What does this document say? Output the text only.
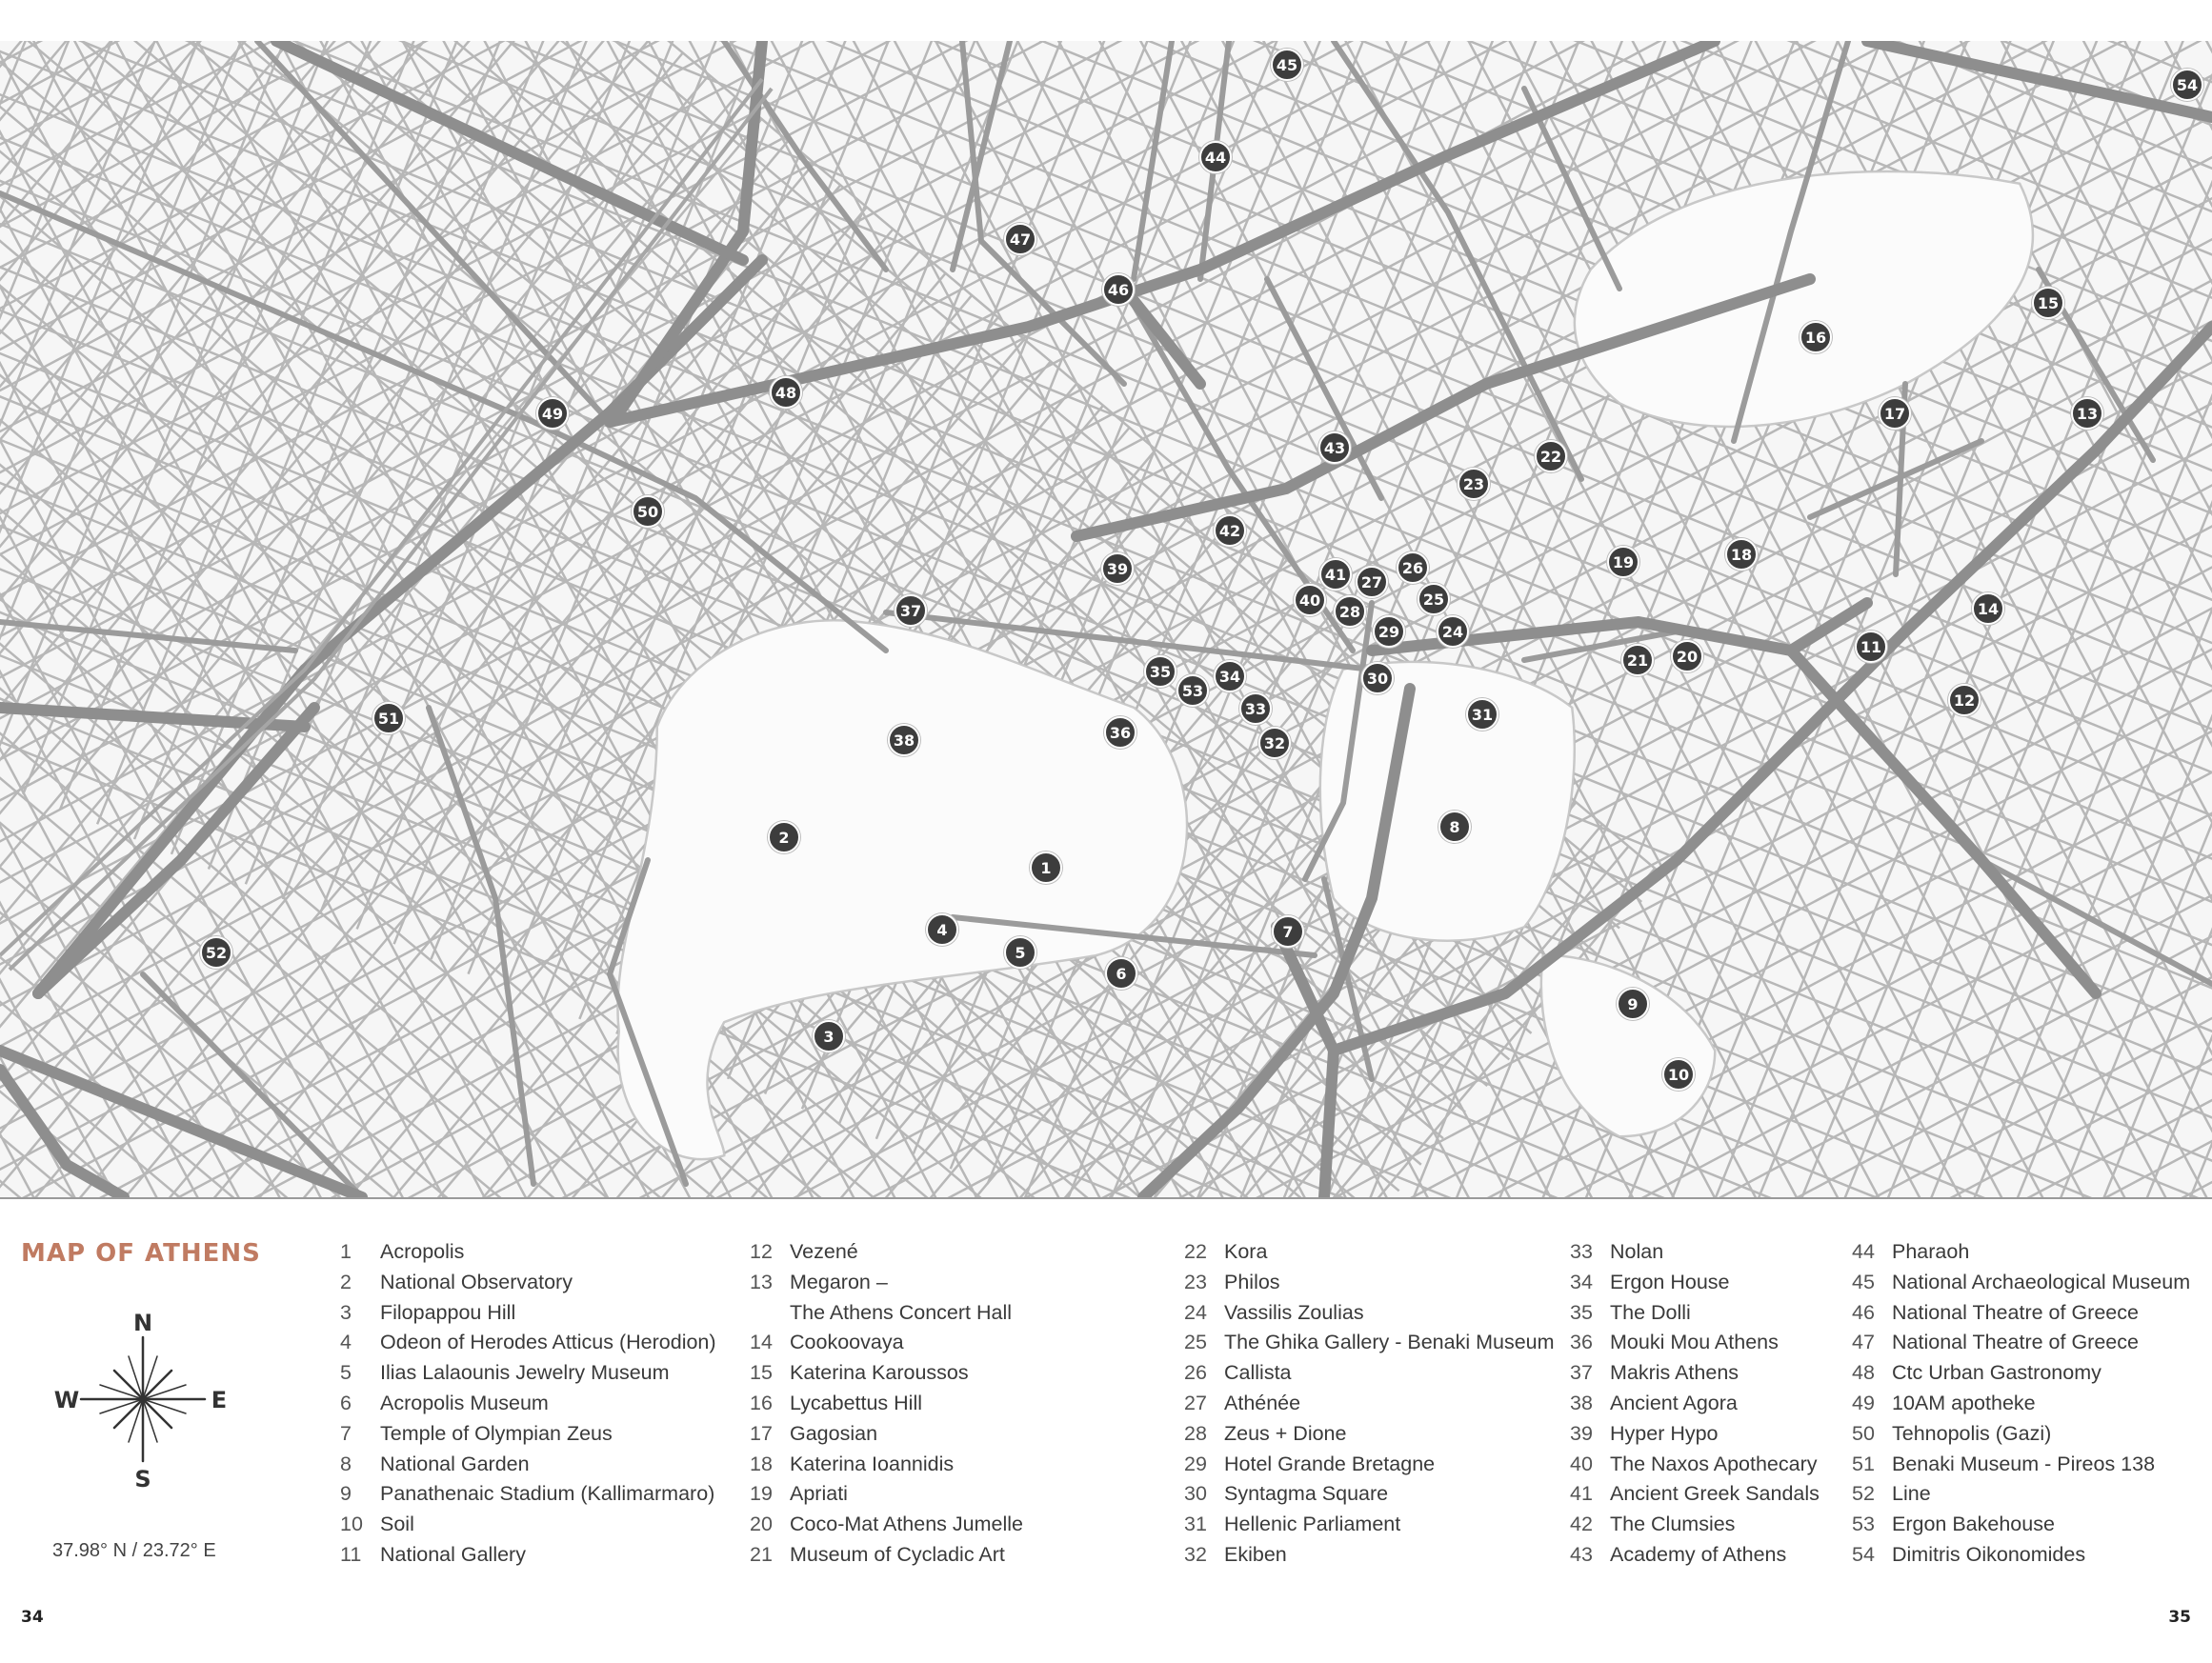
1
2
3
4
5
6
7
8
9
10
11
12
13
14
15
16
17
18
19
20
21
22
23
24
25
26
27
28
29
30
31
32
33
34
35
36
37
38
39
40
41
42
43
44
45
46
47
48
49
50
51
52
53
54
MAP OF ATHENS
N
S
E
W
37.98° N / 23.72° E
1	Acropolis
2	National Observatory
3	Filopappou Hill
4	Odeon of Herodes Atticus (Herodion)
5	Ilias Lalaounis Jewelry Museum
6	Acropolis Museum
7	Temple of Olympian Zeus
8	National Garden
9	Panathenaic Stadium (Kallimarmaro)
10 Soil
11 National Gallery
12 Vezené
13 Megaron –
The Athens Concert Hall
14 Cookoovaya
15 Katerina Karoussos
16 Lycabettus Hill
17 Gagosian
18 Katerina Ioannidis
19 Apriati
20 Coco-Mat Athens Jumelle
21 Museum of Cycladic Art
22 Kora
23 Philos
24 Vassilis Zoulias
25 The Ghika Gallery - Benaki Museum
26 Callista
27 Athénée
28 Zeus + Dione
29 Hotel Grande Bretagne
30 Syntagma Square
31 Hellenic Parliament
32 Ekiben
33 Nolan
34 Ergon House
35 The Dolli
36 Mouki Mou Athens
37 Makris Athens
38 Ancient Agora
39 Hyper Hypo
40 The Naxos Apothecary
41 Ancient Greek Sandals
42 The Clumsies
43 Academy of Athens
44 Pharaoh
45 National Archaeological Museum
46 National Theatre of Greece
47 National Theatre of Greece
48 Ctc Urban Gastronomy
49 10AM apotheke
50 Tehnopolis (Gazi)
51 Benaki Museum - Pireos 138
52 Line
53 Ergon Bakehouse
54 Dimitris Oikonomides
34	35
